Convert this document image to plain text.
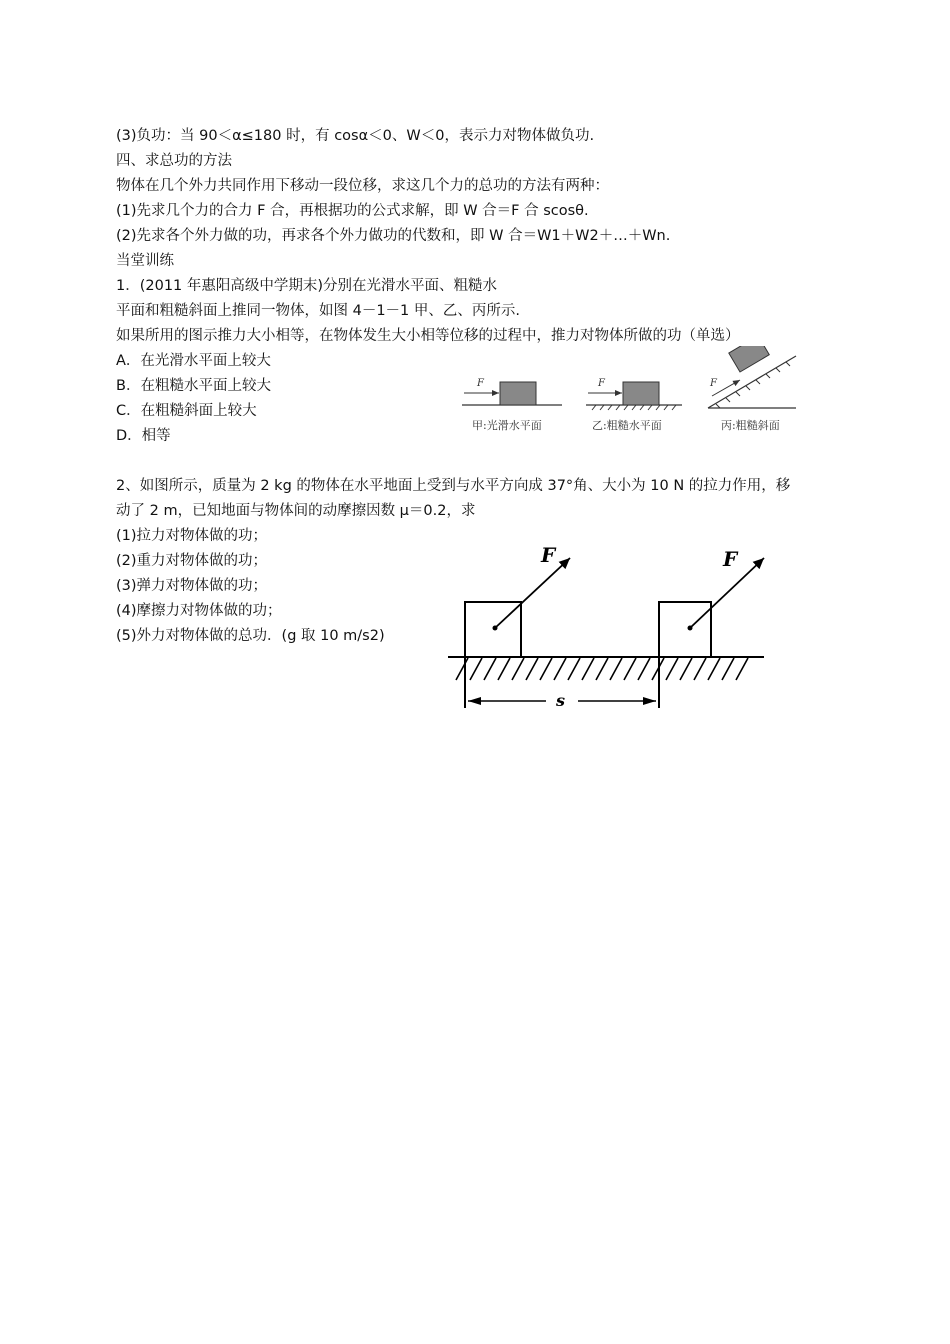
(3)负功：当 90＜α≤180 时，有 cosα＜0、W＜0，表示力对物体做负功.
四、求总功的方法
物体在几个外力共同作用下移动一段位移，求这几个力的总功的方法有两种：
(1)先求几个力的合力 F 合，再根据功的公式求解，即 W 合＝F 合 scosθ.
(2)先求各个外力做的功，再求各个外力做功的代数和，即 W 合＝W1＋W2＋…＋Wn.
当堂训练
1．(2011 年惠阳高级中学期末)分别在光滑水平面、粗糙水
平面和粗糙斜面上推同一物体，如图 4－1－1 甲、乙、丙所示.
如果所用的图示推力大小相等，在物体发生大小相等位移的过程中，推力对物体所做的功（单选）
A．在光滑水平面上较大
B．在粗糙水平面上较大
C．在粗糙斜面上较大
D．相等
2、如图所示，质量为 2 kg 的物体在水平地面上受到与水平方向成 37°角、大小为 10 N 的拉力作用，移
动了 2 m，已知地面与物体间的动摩擦因数 μ＝0.2，求
(1)拉力对物体做的功；
(2)重力对物体做的功；
(3)弹力对物体做的功；
(4)摩擦力对物体做的功；
(5)外力对物体做的总功．(g 取 10 m/s2)
F
甲:光滑水平面
F
乙:粗糙水平面
F
丙:粗糙斜面
F	F
s
